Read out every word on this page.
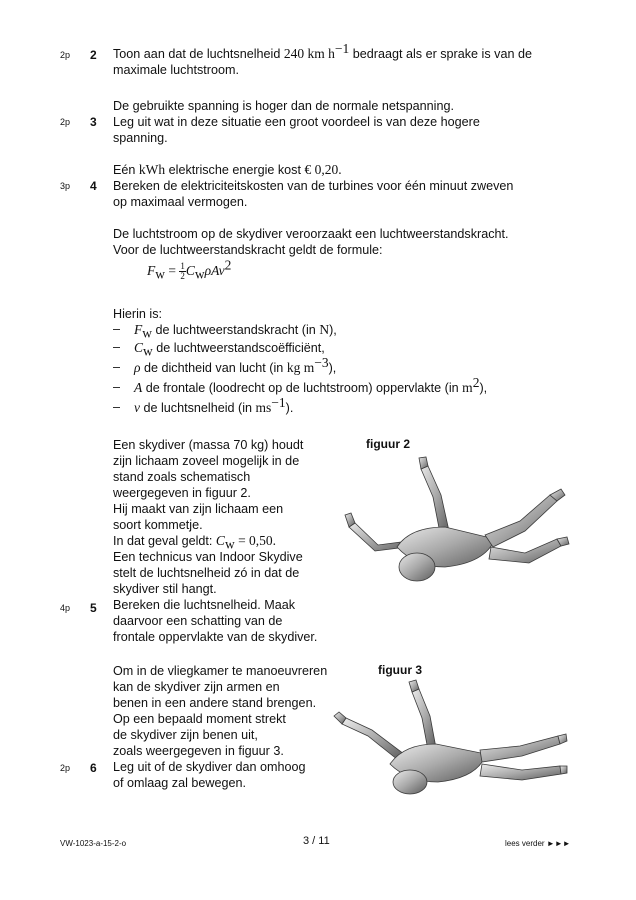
2p 2 Toon aan dat de luchtsnelheid 240 km $h^{-1}$ bedraagt als er sprake is van de
maximale luchtstroom.
De gebruikte spanning is hoger dan de normale netspanning.
2p 3 Leg uit wat in deze situatie een groot voordeel is van deze hogere
spanning.
Eén kWh elektrische energie kost € 0,20.
3p 4 Bereken de elektriciteitskosten van de turbines voor één minuut zweven
op maximaal vermogen.
De luchtstroom op de skydiver veroorzaakt een luchtweerstandskracht.
Voor de luchtweerstandskracht geldt de formule:
$F_w = \frac{1}{2} C_w\rho Av^2$
Hierin is:
– $F_w$ de luchtweerstandskracht (in N),
– $C_w$ de luchtweerstandscoëfficiënt,
– ρ de dichtheid van lucht (in kg $m^{-3}$),
– A de frontale (loodrecht op de luchtstroom) oppervlakte (in $m^2$),
– v de luchtsnelheid (in $ms^{-1}$).
Een skydiver (massa 70 kg) houdt
zijn lichaam zoveel mogelijk in de
stand zoals schematisch
weergegeven in figuur 2.
Hij maakt van zijn lichaam een
soort kommetje.
In dat geval geldt: $C_w = 0,50$.
Een technicus van Indoor Skydive
stelt de luchtsnelheid zó in dat de
skydiver stil hangt.
4p 5 Bereken die luchtsnelheid. Maak
daarvoor een schatting van de
frontale oppervlakte van de skydiver.
figuur 2
Om in de vliegkamer te manoeuvreren
kan de skydiver zijn armen en
benen in een andere stand brengen.
Op een bepaald moment strekt
de skydiver zijn benen uit,
zoals weergegeven in figuur 3.
2p 6 Leg uit of de skydiver dan omhoog
of omlaag zal bewegen.
figuur 3
VW-1023-a-15-2-o	3 / 11	lees verder ►►►
